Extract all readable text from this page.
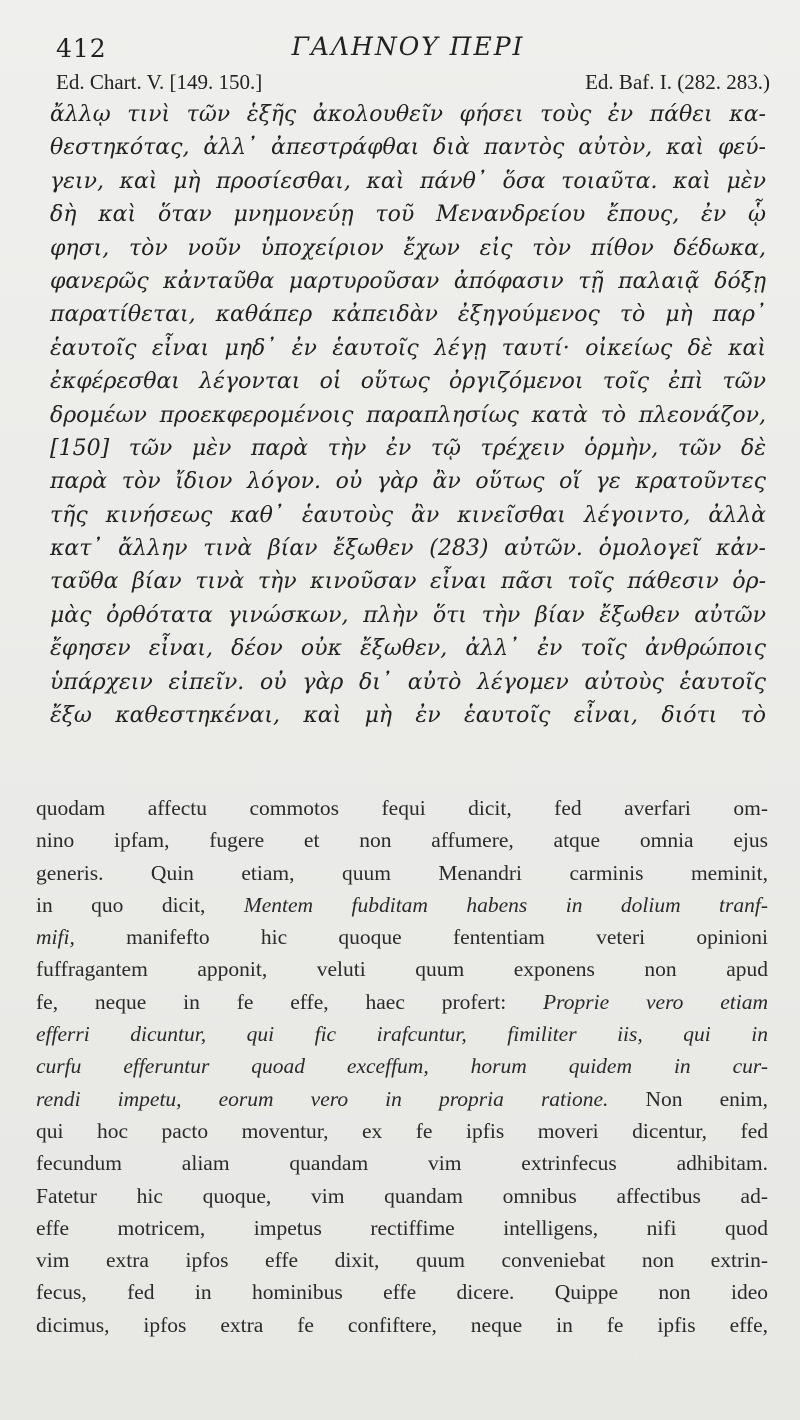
412	ΓΑΛΗΝΟΥ ΠΕΡΙ
Ed. Chart. V. [149. 150.]	Ed. Baf. I. (282. 283.)
ἄλλῳ τινὶ τῶν ἑξῆς ἀκολουθεῖν φήσει τοὺς ἐν πάθει κα-
θεστηκότας, ἀλλ᾽ ἀπεστράφθαι διὰ παντὸς αὐτὸν, καὶ φεύ-
γειν, καὶ μὴ προσίεσθαι, καὶ πάνθ᾽ ὅσα τοιαῦτα. καὶ μὲν
δὴ καὶ ὅταν μνημονεύῃ τοῦ Μενανδρείου ἔπους, ἐν ᾧ
φησι, τὸν νοῦν ὑποχείριον ἔχων εἰς τὸν πίθον δέδωκα,
φανερῶς κἀνταῦθα μαρτυροῦσαν ἀπόφασιν τῇ παλαιᾷ δόξῃ
παρατίθεται, καθάπερ κἀπειδὰν ἐξηγούμενος τὸ μὴ παρ᾽
ἑαυτοῖς εἶναι μηδ᾽ ἐν ἑαυτοῖς λέγῃ ταυτί· οἰκείως δὲ καὶ
ἐκφέρεσθαι λέγονται οἱ οὕτως ὀργιζόμενοι τοῖς ἐπὶ τῶν
δρομέων προεκφερομένοις παραπλησίως κατὰ τὸ πλεονάζον,
[150] τῶν μὲν παρὰ τὴν ἐν τῷ τρέχειν ὁρμὴν, τῶν δὲ
παρὰ τὸν ἴδιον λόγον. οὐ γὰρ ἂν οὕτως οἵ γε κρατοῦντες
τῆς κινήσεως καθ᾽ ἑαυτοὺς ἂν κινεῖσθαι λέγοιντο, ἀλλὰ
κατ᾽ ἄλλην τινὰ βίαν ἔξωθεν (283) αὐτῶν. ὁμολογεῖ κἀν-
ταῦθα βίαν τινὰ τὴν κινοῦσαν εἶναι πᾶσι τοῖς πάθεσιν ὁρ-
μὰς ὀρθότατα γινώσκων, πλὴν ὅτι τὴν βίαν ἔξωθεν αὐτῶν
ἔφησεν εἶναι, δέον οὐκ ἔξωθεν, ἀλλ᾽ ἐν τοῖς ἀνθρώποις
ὑπάρχειν εἰπεῖν. οὐ γὰρ δι᾽ αὐτὸ λέγομεν αὐτοὺς ἑαυτοῖς
ἔξω καθεστηκέναι, καὶ μὴ ἐν ἑαυτοῖς εἶναι, διότι τὸ
quodam affectu commotos fequi dicit, fed averfari om-
nino ipfam, fugere et non affumere, atque omnia ejus
generis. Quin etiam, quum Menandri carminis meminit,
in quo dicit, Mentem fubditam habens in dolium tranf-
mifi, manifefto hic quoque fententiam veteri opinioni
fuffragantem apponit, veluti quum exponens non apud
fe, neque in fe effe, haec profert: Proprie vero etiam
efferri dicuntur, qui fic irafcuntur, fimiliter iis, qui in
curfu efferuntur quoad exceffum, horum quidem in cur-
rendi impetu, eorum vero in propria ratione. Non enim,
qui hoc pacto moventur, ex fe ipfis moveri dicentur, fed
fecundum aliam quandam vim extrinfecus adhibitam.
Fatetur hic quoque, vim quandam omnibus affectibus ad-
effe motricem, impetus rectiffime intelligens, nifi quod
vim extra ipfos effe dixit, quum conveniebat non extrin-
fecus, fed in hominibus effe dicere. Quippe non ideo
dicimus, ipfos extra fe confiftere, neque in fe ipfis effe,
